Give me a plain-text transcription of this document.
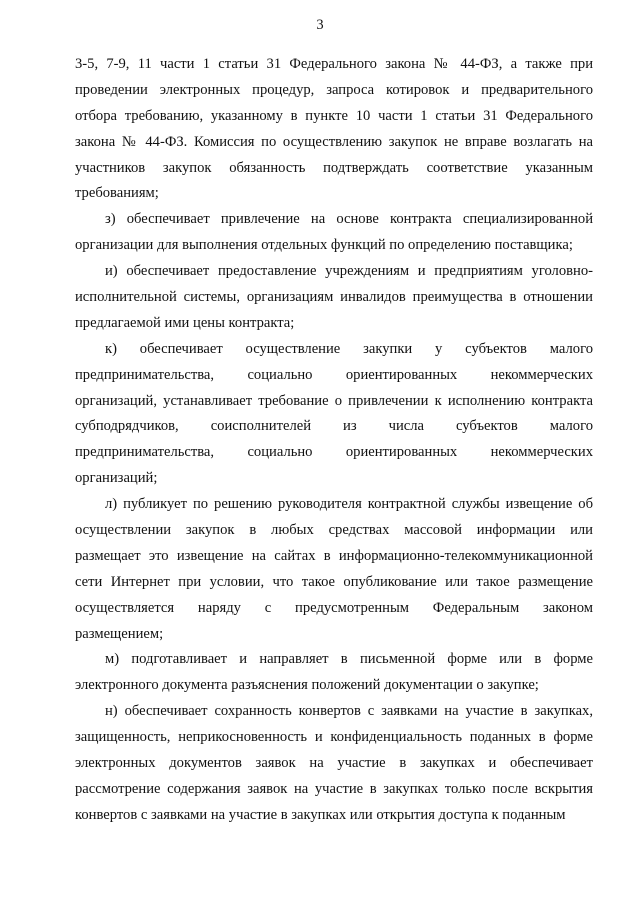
3
3-5, 7-9, 11 части 1 статьи 31 Федерального закона № 44-ФЗ, а также при
проведении электронных процедур, запроса котировок и предварительного
отбора требованию, указанному в пункте 10 части 1 статьи 31 Федерального
закона № 44-ФЗ. Комиссия по осуществлению закупок не вправе возлагать на
участников закупок обязанность подтверждать соответствие указанным
требованиям;
з) обеспечивает привлечение на основе контракта специализированной
организации для выполнения отдельных функций по определению поставщика;
и) обеспечивает предоставление учреждениям и предприятиям уголовно-
исполнительной системы, организациям инвалидов преимущества в отношении
предлагаемой ими цены контракта;
к) обеспечивает осуществление закупки у субъектов малого
предпринимательства, социально ориентированных некоммерческих
организаций, устанавливает требование о привлечении к исполнению контракта
субподрядчиков, соисполнителей из числа субъектов малого
предпринимательства, социально ориентированных некоммерческих
организаций;
л) публикует по решению руководителя контрактной службы извещение об
осуществлении закупок в любых средствах массовой информации или
размещает это извещение на сайтах в информационно-телекоммуникационной
сети Интернет при условии, что такое опубликование или такое размещение
осуществляется наряду с предусмотренным Федеральным законом
размещением;
м) подготавливает и направляет в письменной форме или в форме
электронного документа разъяснения положений документации о закупке;
н) обеспечивает сохранность конвертов с заявками на участие в закупках,
защищенность, неприкосновенность и конфиденциальность поданных в форме
электронных документов заявок на участие в закупках и обеспечивает
рассмотрение содержания заявок на участие в закупках только после вскрытия
конвертов с заявками на участие в закупках или открытия доступа к поданным
